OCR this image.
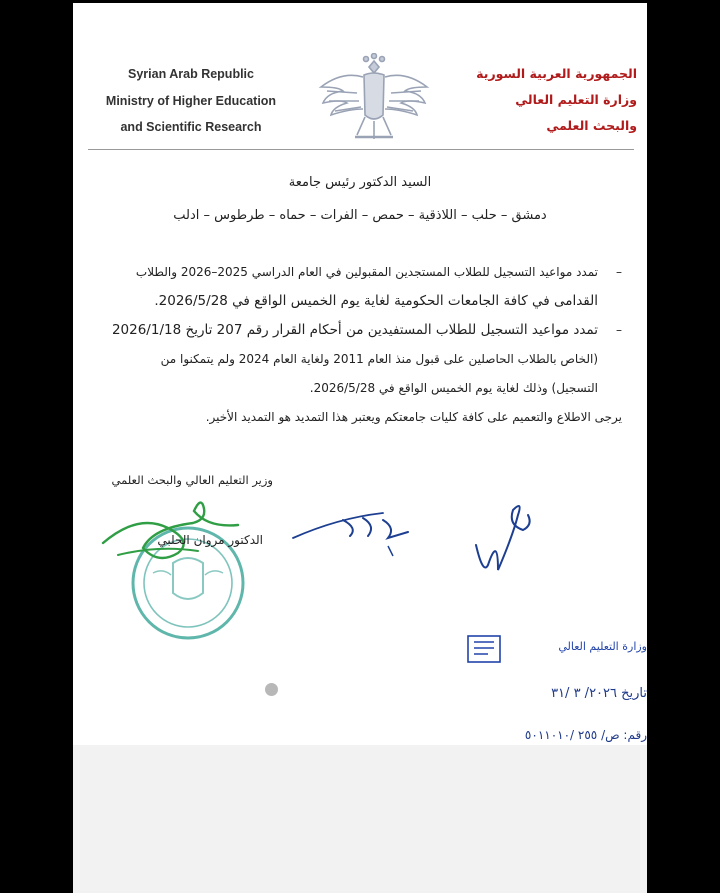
Syrian Arab Republic
Ministry of Higher Education
and Scientific Research
الجمهورية العربية السورية
وزارة التعليم العالي
والبحث العلمي
السيد الدكتور رئيس جامعة
دمشق – حلب – اللاذقية – حمص – الفرات – حماه – طرطوس – ادلب
–

تمدد مواعيد التسجيل للطلاب المستجدين المقبولين في العام الدراسي 2025–2026 والطلاب

القدامى في كافة الجامعات الحكومية لغاية يوم الخميس الواقع في 2026/5/28.

–

تمدد مواعيد التسجيل للطلاب المستفيدين من أحكام القرار رقم 207 تاريخ 2026/1/18

(الخاص بالطلاب الحاصلين على قبول منذ العام 2011 ولغاية العام 2024 ولم يتمكنوا من

التسجيل) وذلك لغاية يوم الخميس الواقع في 2026/5/28.

يرجى الاطلاع والتعميم على كافة كليات جامعتكم ويعتبر هذا التمديد هو التمديد الأخير.

وزير التعليم العالي والبحث العلمي
الدكتور مروان الحلبي
وزارة التعليم العالي
تاريخ ٢٠٢٦/ ٣ /٣١
رقم: ص/ ٢٥٥ /٥٠١١٠١٠
